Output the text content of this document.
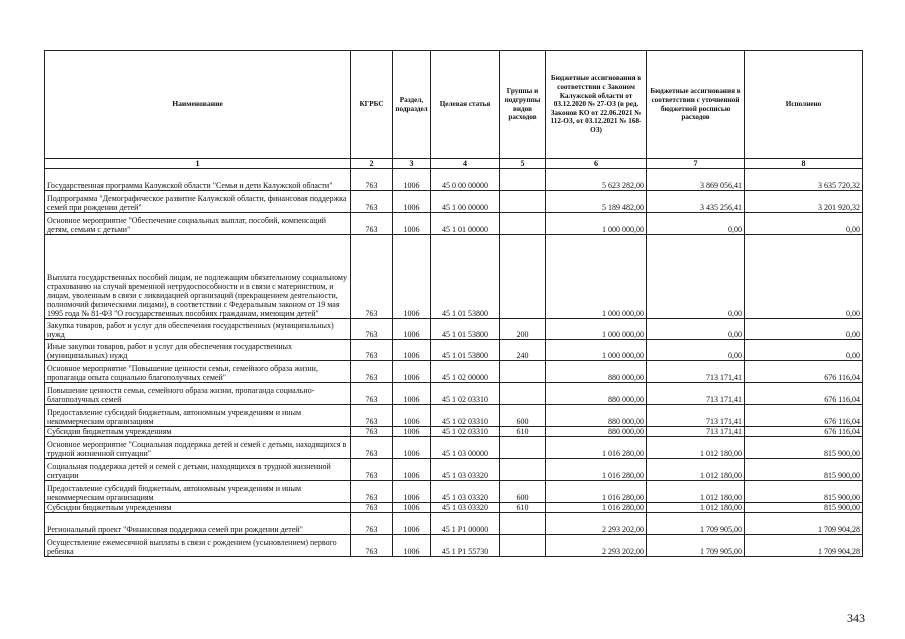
Наименование	КГРБС	Раздел, подраздел	Целевая статья	Группы и подгруппы видов расходов	Бюджетные ассигнования в соответствии с Законом Калужской области от 03.12.2020 № 27-ОЗ (в ред. Законов КО от 22.06.2021 № 112-ОЗ, от 03.12.2021 № 168-ОЗ)	Бюджетные ассигнования в соответствии с уточненной бюджетной росписью расходов	Исполнено
1	2	3	4	5	6	7	8
Государственная программа Калужской области "Семья и дети Калужской области"	763	1006	45 0 00 00000		5 623 282,00	3 869 056,41	3 635 720,32
Подпрограмма "Демографическое развитие Калужской области, финансовая поддержка семей при рождении детей"	763	1006	45 1 00 00000		5 189 482,00	3 435 256,41	3 201 920,32
Основное мероприятие "Обеспечение социальных выплат, пособий, компенсаций детям, семьям с детьми"	763	1006	45 1 01 00000		1 000 000,00	0,00	0,00
Выплата государственных пособий лицам, не подлежащим обязательному социальному страхованию на случай временной нетрудоспособности и в связи с материнством, и лицам, уволенным в связи с ликвидацией организаций (прекращением деятельности, полномочий физическими лицами), в соответствии с Федеральным законом от 19 мая 1995 года № 81-ФЗ "О государственных пособиях гражданам, имеющим детей"	763	1006	45 1 01 53800		1 000 000,00	0,00	0,00
Закупка товаров, работ и услуг для обеспечения государственных (муниципальных) нужд	763	1006	45 1 01 53800	200	1 000 000,00	0,00	0,00
Иные закупки товаров, работ и услуг для обеспечения государственных (муниципальных) нужд	763	1006	45 1 01 53800	240	1 000 000,00	0,00	0,00
Основное мероприятие "Повышение ценности семьи, семейного образа жизни, пропаганда опыта социально благополучных семей"	763	1006	45 1 02 00000		880 000,00	713 171,41	676 116,04
Повышение ценности семьи, семейного образа жизни, пропаганда социально-благополучных семей	763	1006	45 1 02 03310		880 000,00	713 171,41	676 116,04
Предоставление субсидий бюджетным, автономным учреждениям и иным некоммерческим организациям	763	1006	45 1 02 03310	600	880 000,00	713 171,41	676 116,04
Субсидии бюджетным учреждениям	763	1006	45 1 02 03310	610	880 000,00	713 171,41	676 116,04
Основное мероприятие "Социальная поддержка детей и семей с детьми, находящихся в трудной жизненной ситуации"	763	1006	45 1 03 00000		1 016 280,00	1 012 180,00	815 900,00
Социальная поддержка детей и семей с детьми, находящихся в трудной жизненной ситуации	763	1006	45 1 03 03320		1 016 280,00	1 012 180,00	815 900,00
Предоставление субсидий бюджетным, автономным учреждениям и иным некоммерческим организациям	763	1006	45 1 03 03320	600	1 016 280,00	1 012 180,00	815 900,00
Субсидии бюджетным учреждениям	763	1006	45 1 03 03320	610	1 016 280,00	1 012 180,00	815 900,00
Региональный проект "Финансовая поддержка семей при рождении детей"	763	1006	45 1 P1 00000		2 293 202,00	1 709 905,00	1 709 904,28
Осуществление ежемесячной выплаты в связи с рождением (усыновлением) первого ребенка	763	1006	45 1 P1 55730		2 293 202,00	1 709 905,00	1 709 904,28
343
